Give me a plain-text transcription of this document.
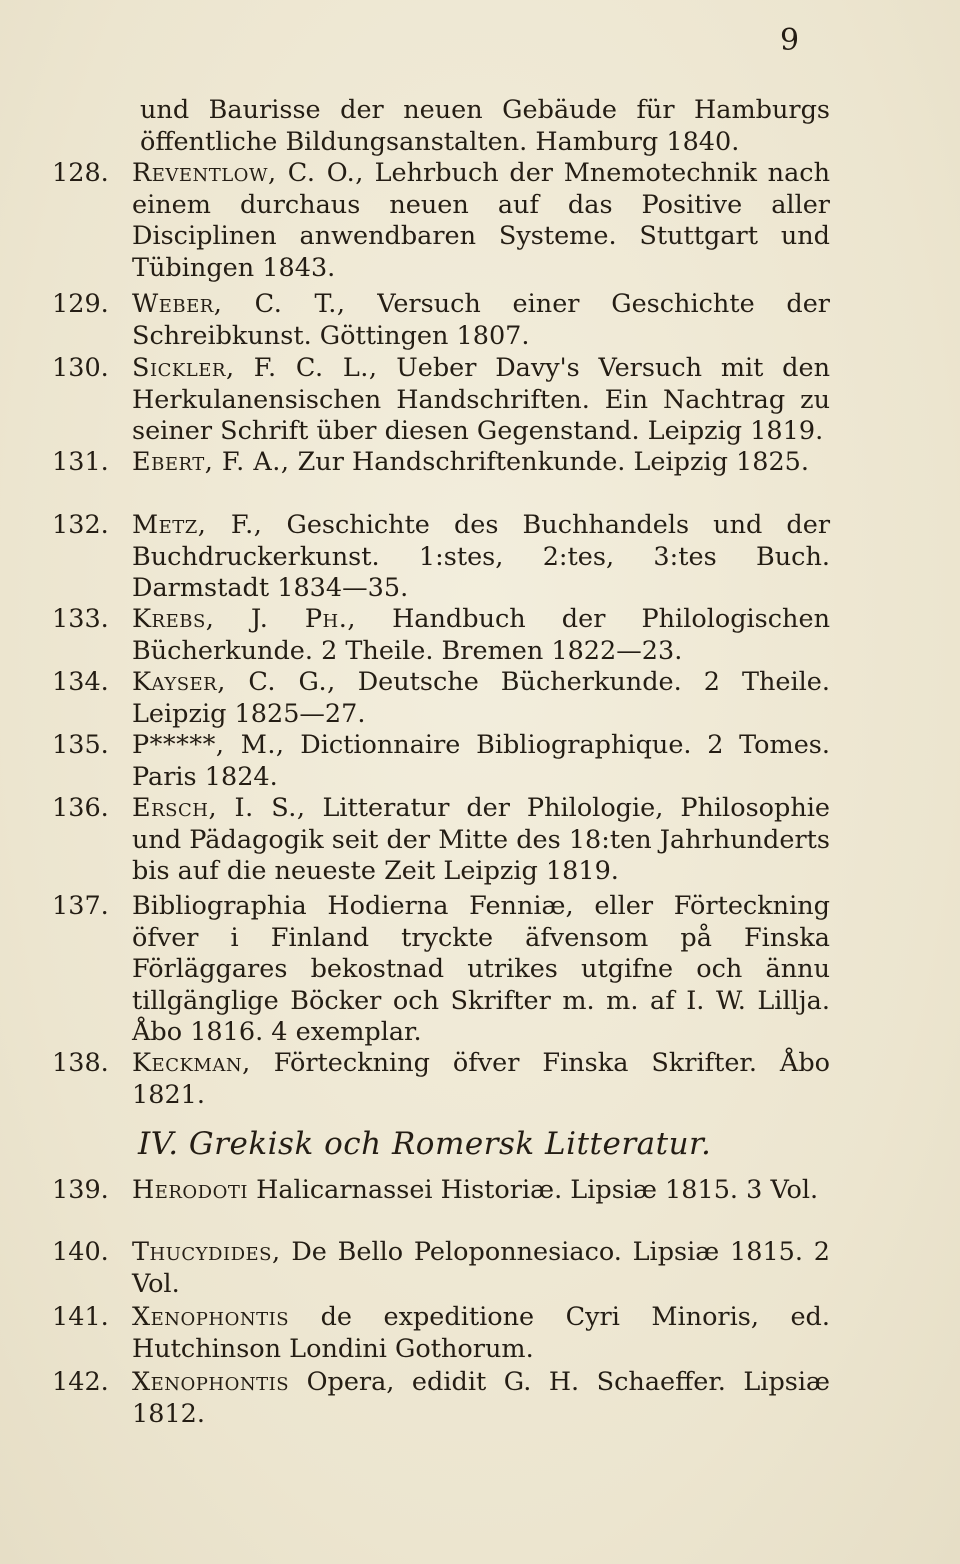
9
und Baurisse der neuen Gebäude für Hamburgs öffentliche Bildungsanstalten. Hamburg 1840.
128. Reventlow, C. O., Lehrbuch der Mnemotechnik nach einem durchaus neuen auf das Positive aller Disciplinen anwendbaren Systeme. Stuttgart und Tübingen 1843.
129. Weber, C. T., Versuch einer Geschichte der Schreibkunst. Göttingen 1807.
130. Sickler, F. C. L., Ueber Davy's Versuch mit den Herkulanensischen Handschriften. Ein Nachtrag zu seiner Schrift über diesen Gegenstand. Leipzig 1819.
131. Ebert, F. A., Zur Handschriftenkunde. Leipzig 1825.
132. Metz, F., Geschichte des Buchhandels und der Buchdruckerkunst. 1:stes, 2:tes, 3:tes Buch. Darmstadt 1834—35.
133. Krebs, J. Ph., Handbuch der Philologischen Bücherkunde. 2 Theile. Bremen 1822—23.
134. Kayser, C. G., Deutsche Bücherkunde. 2 Theile. Leipzig 1825—27.
135. P*****, M., Dictionnaire Bibliographique. 2 Tomes. Paris 1824.
136. Ersch, I. S., Litteratur der Philologie, Philosophie und Pädagogik seit der Mitte des 18:ten Jahrhunderts bis auf die neueste Zeit Leipzig 1819.
137. Bibliographia Hodierna Fenniæ, eller Förteckning öfver i Finland tryckte äfvensom på Finska Förläggares bekostnad utrikes utgifne och ännu tillgänglige Böcker och Skrifter m. m. af I. W. Lillja. Åbo 1816. 4 exemplar.
138. Keckman, Förteckning öfver Finska Skrifter. Åbo 1821.
IV. Grekisk och Romersk Litteratur.
139. Herodoti Halicarnassei Historiæ. Lipsiæ 1815. 3 Vol.
140. Thucydides, De Bello Peloponnesiaco. Lipsiæ 1815. 2 Vol.
141. Xenophontis de expeditione Cyri Minoris, ed. Hutchinson Londini Gothorum.
142. Xenophontis Opera, edidit G. H. Schaeffer. Lipsiæ 1812.
